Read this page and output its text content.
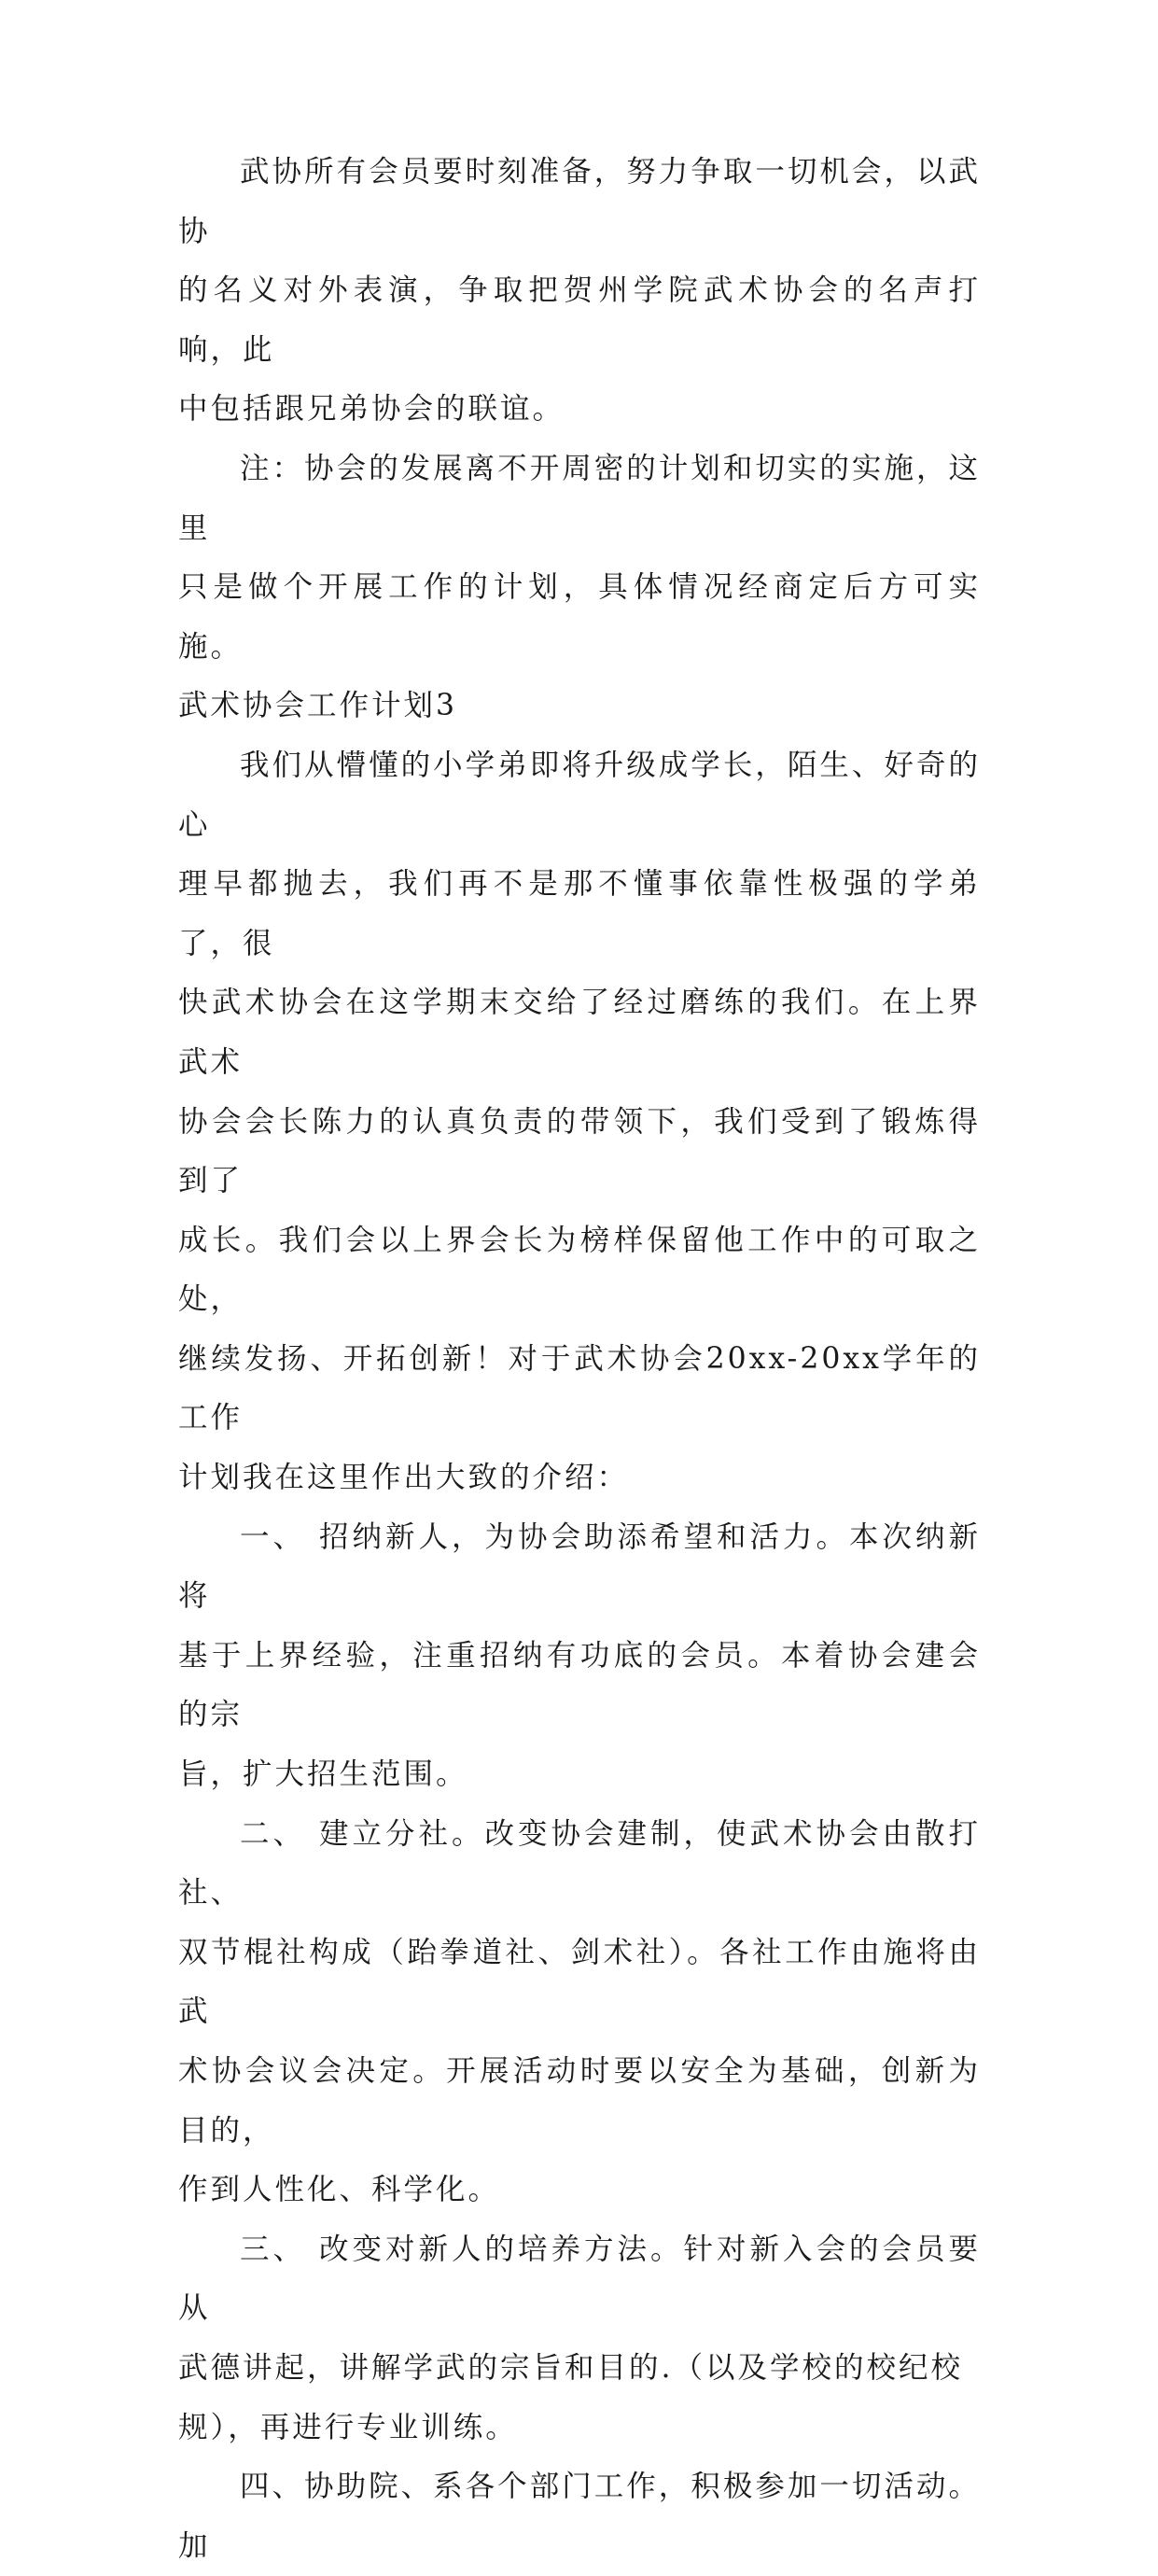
武协所有会员要时刻准备，努力争取一切机会，以武协
的名义对外表演，争取把贺州学院武术协会的名声打响，此
中包括跟兄弟协会的联谊。
注：协会的发展离不开周密的计划和切实的实施，这里
只是做个开展工作的计划，具体情况经商定后方可实施。
武术协会工作计划3
我们从懵懂的小学弟即将升级成学长，陌生、好奇的心
理早都抛去，我们再不是那不懂事依靠性极强的学弟了，很
快武术协会在这学期末交给了经过磨练的我们。在上界武术
协会会长陈力的认真负责的带领下，我们受到了锻炼得到了
成长。我们会以上界会长为榜样保留他工作中的可取之处，
继续发扬、开拓创新！对于武术协会20xx-20xx学年的工作
计划我在这里作出大致的介绍：
一、 招纳新人，为协会助添希望和活力。本次纳新将
基于上界经验，注重招纳有功底的会员。本着协会建会的宗
旨，扩大招生范围。
二、 建立分社。改变协会建制，使武术协会由散打社、
双节棍社构成（跆拳道社、剑术社）。各社工作由施将由武
术协会议会决定。开展活动时要以安全为基础，创新为目的，
作到人性化、科学化。
三、 改变对新人的培养方法。针对新入会的会员要从
武德讲起，讲解学武的宗旨和目的.（以及学校的校纪校
规），再进行专业训练。
四、协助院、系各个部门工作，积极参加一切活动。加
